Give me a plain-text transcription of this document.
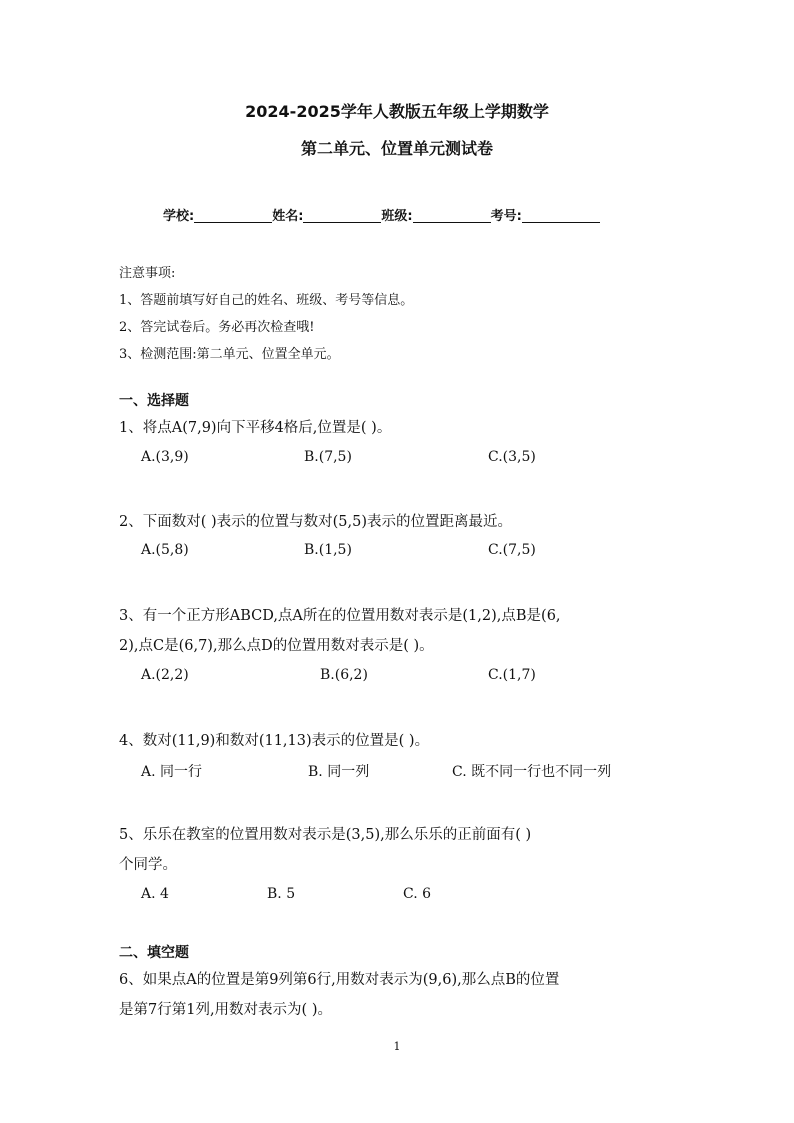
2024-2025学年人教版五年级上学期数学
第二单元、位置单元测试卷
学校:	姓名:	班级:	考号:
注意事项:
1、答题前填写好自己的姓名、班级、考号等信息。
2、答完试卷后。务必再次检查哦!
3、检测范围:第二单元、位置全单元。
一、选择题
1、将点A(7,9)向下平移4格后,位置是( )。
A.(3,9)	B.(7,5)	C.(3,5)
2、下面数对( )表示的位置与数对(5,5)表示的位置距离最近。
A.(5,8)	B.(1,5)	C.(7,5)
3、有一个正方形ABCD,点A所在的位置用数对表示是(1,2),点B是(6,
2),点C是(6,7),那么点D的位置用数对表示是( )。
A.(2,2)	B.(6,2)	C.(1,7)
4、数对(11,9)和数对(11,13)表示的位置是( )。
A. 同一行	B. 同一列	C. 既不同一行也不同一列
5、乐乐在教室的位置用数对表示是(3,5),那么乐乐的正前面有( )
个同学。
A. 4	B. 5	C. 6
二、填空题
6、如果点A的位置是第9列第6行,用数对表示为(9,6),那么点B的位置
是第7行第1列,用数对表示为( )。
1
